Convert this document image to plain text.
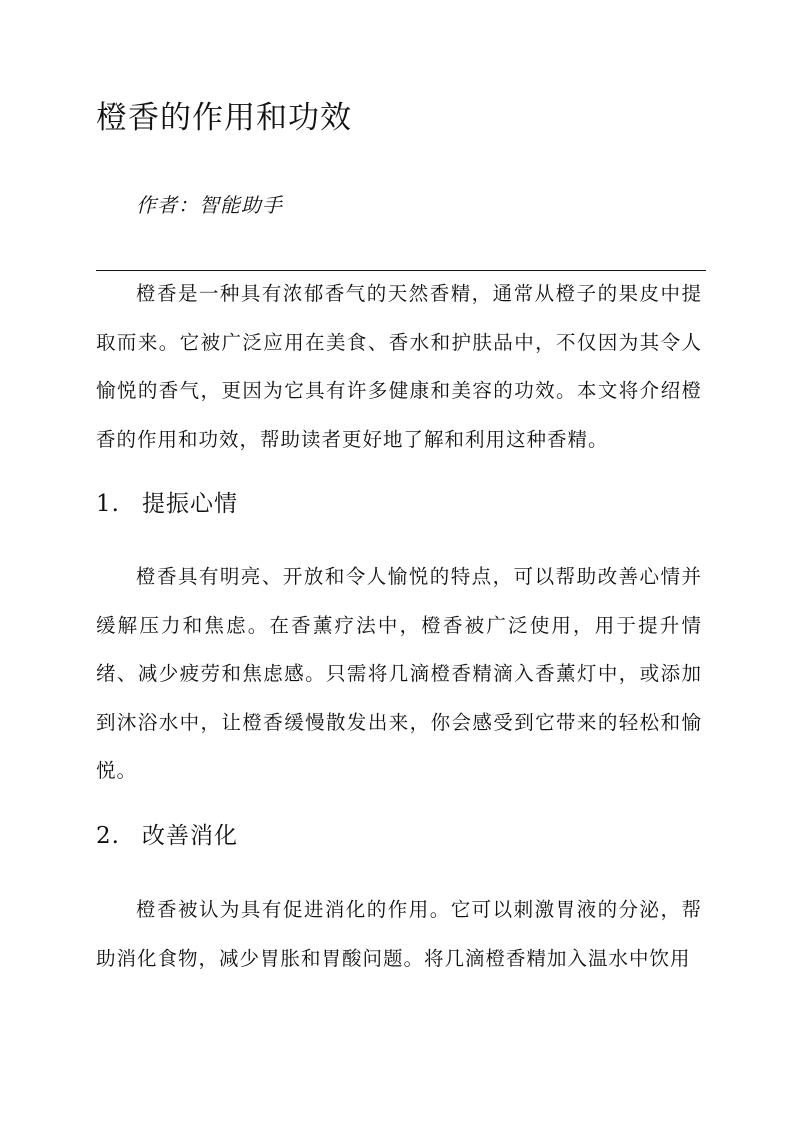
橙香的作用和功效

作者：智能助手

橙香是一种具有浓郁香气的天然香精，通常从橙子的果皮中提取而来。它被广泛应用在美食、香水和护肤品中，不仅因为其令人愉悦的香气，更因为它具有许多健康和美容的功效。本文将介绍橙香的作用和功效，帮助读者更好地了解和利用这种香精。

1. 提振心情

橙香具有明亮、开放和令人愉悦的特点，可以帮助改善心情并缓解压力和焦虑。在香薰疗法中，橙香被广泛使用，用于提升情绪、减少疲劳和焦虑感。只需将几滴橙香精滴入香薰灯中，或添加到沐浴水中，让橙香缓慢散发出来，你会感受到它带来的轻松和愉悦。

2. 改善消化

橙香被认为具有促进消化的作用。它可以刺激胃液的分泌，帮助消化食物，减少胃胀和胃酸问题。将几滴橙香精加入温水中饮用
